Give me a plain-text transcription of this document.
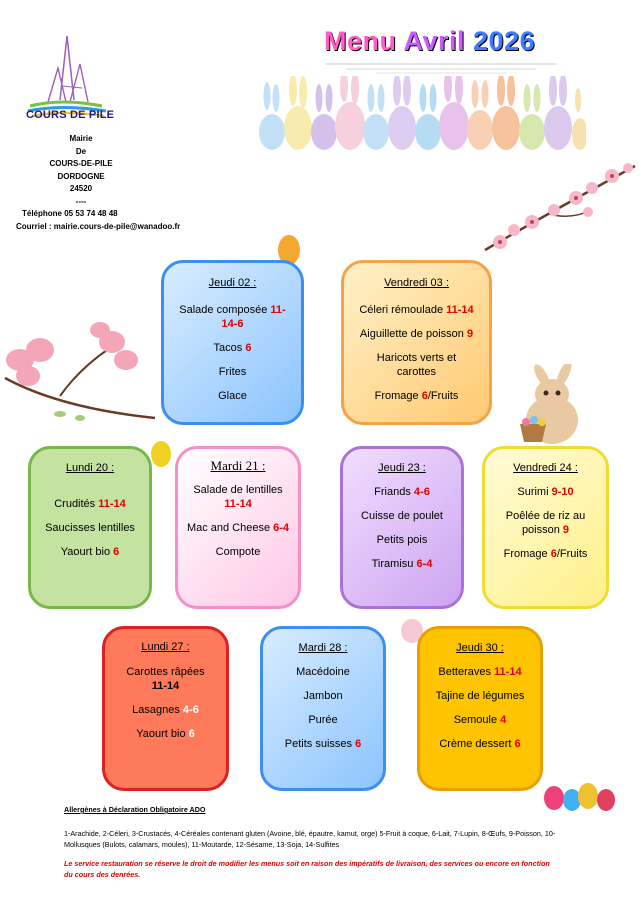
COURS DE PILE
Mairie
De
COURS-DE-PILE
DORDOGNE
24520
----
Téléphone 05 53 74 48 48
Courriel : mairie.cours-de-pile@wanadoo.fr
Menu Avril 2026
Jeudi 02 :
Salade composée 11-14-6
Tacos 6
Frites
Glace
Vendredi 03 :
Céleri rémoulade 11-14
Aiguillette de poisson 9
Haricots verts et carottes
Fromage 6/Fruits
Lundi 20 :
Crudités 11-14
Saucisses lentilles
Yaourt bio 6
Mardi 21 :
Salade de lentilles 11-14
Mac and Cheese 6-4
Compote
Jeudi 23 :
Friands 4-6
Cuisse de poulet
Petits pois
Tiramisu 6-4
Vendredi 24 :
Surimi 9-10
Poêlée de riz au poisson 9
Fromage 6/Fruits
Lundi 27 :
Carottes râpées 11-14
Lasagnes 4-6
Yaourt bio 6
Mardi 28 :
Macédoine
Jambon
Purée
Petits suisses 6
Jeudi 30 :
Betteraves 11-14
Tajine de légumes
Semoule 4
Crème dessert 6
Allergènes à Déclaration Obligatoire ADO
1-Arachide, 2-Céleri, 3-Crustacés, 4-Céréales contenant gluten (Avoine, blé, épautre, kamut, orge) 5-Fruit à coque, 6-Lait, 7-Lupin, 8-Œufs, 9-Poisson, 10-Mollusques (Bulots, calamars, moules), 11-Moutarde, 12-Sésame, 13-Soja, 14-Sulfites
Le service restauration se réserve le droit de modifier les menus soit en raison des impératifs de livraison, des services ou encore en fonction du cours des denrées.
